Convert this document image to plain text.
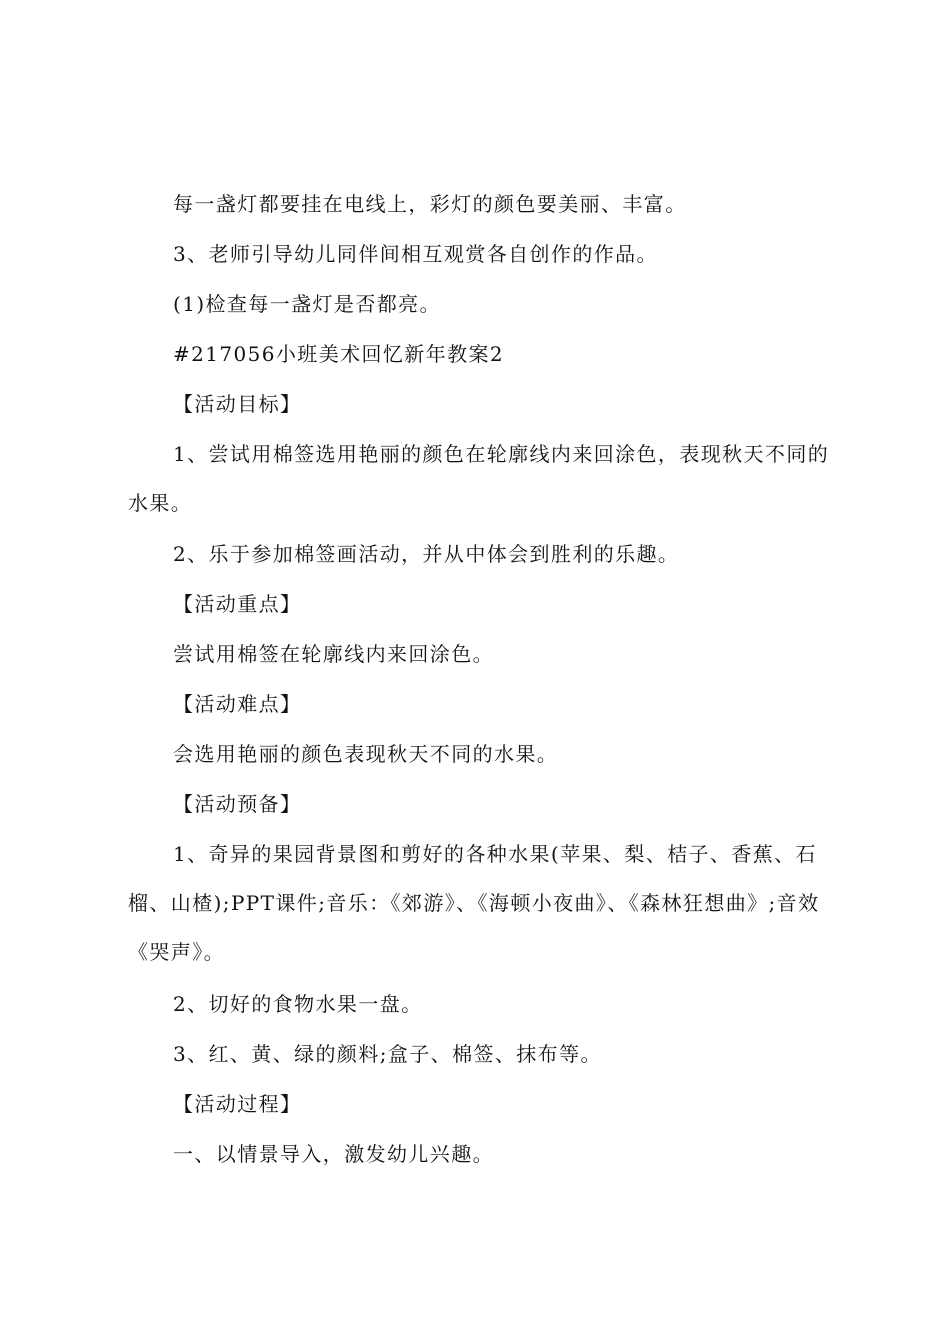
每一盏灯都要挂在电线上，彩灯的颜色要美丽、丰富。

3、老师引导幼儿同伴间相互观赏各自创作的作品。

(1)检查每一盏灯是否都亮。

#217056小班美术回忆新年教案2

【活动目标】

1、尝试用棉签选用艳丽的颜色在轮廓线内来回涂色，表现秋天不同的水果。

2、乐于参加棉签画活动，并从中体会到胜利的乐趣。

【活动重点】

尝试用棉签在轮廓线内来回涂色。

【活动难点】

会选用艳丽的颜色表现秋天不同的水果。

【活动预备】

1、奇异的果园背景图和剪好的各种水果(苹果、梨、桔子、香蕉、石榴、山楂);PPT课件;音乐：《郊游》、《海顿小夜曲》、《森林狂想曲》;音效《哭声》。

2、切好的食物水果一盘。

3、红、黄、绿的颜料;盒子、棉签、抹布等。

【活动过程】

一、以情景导入，激发幼儿兴趣。
